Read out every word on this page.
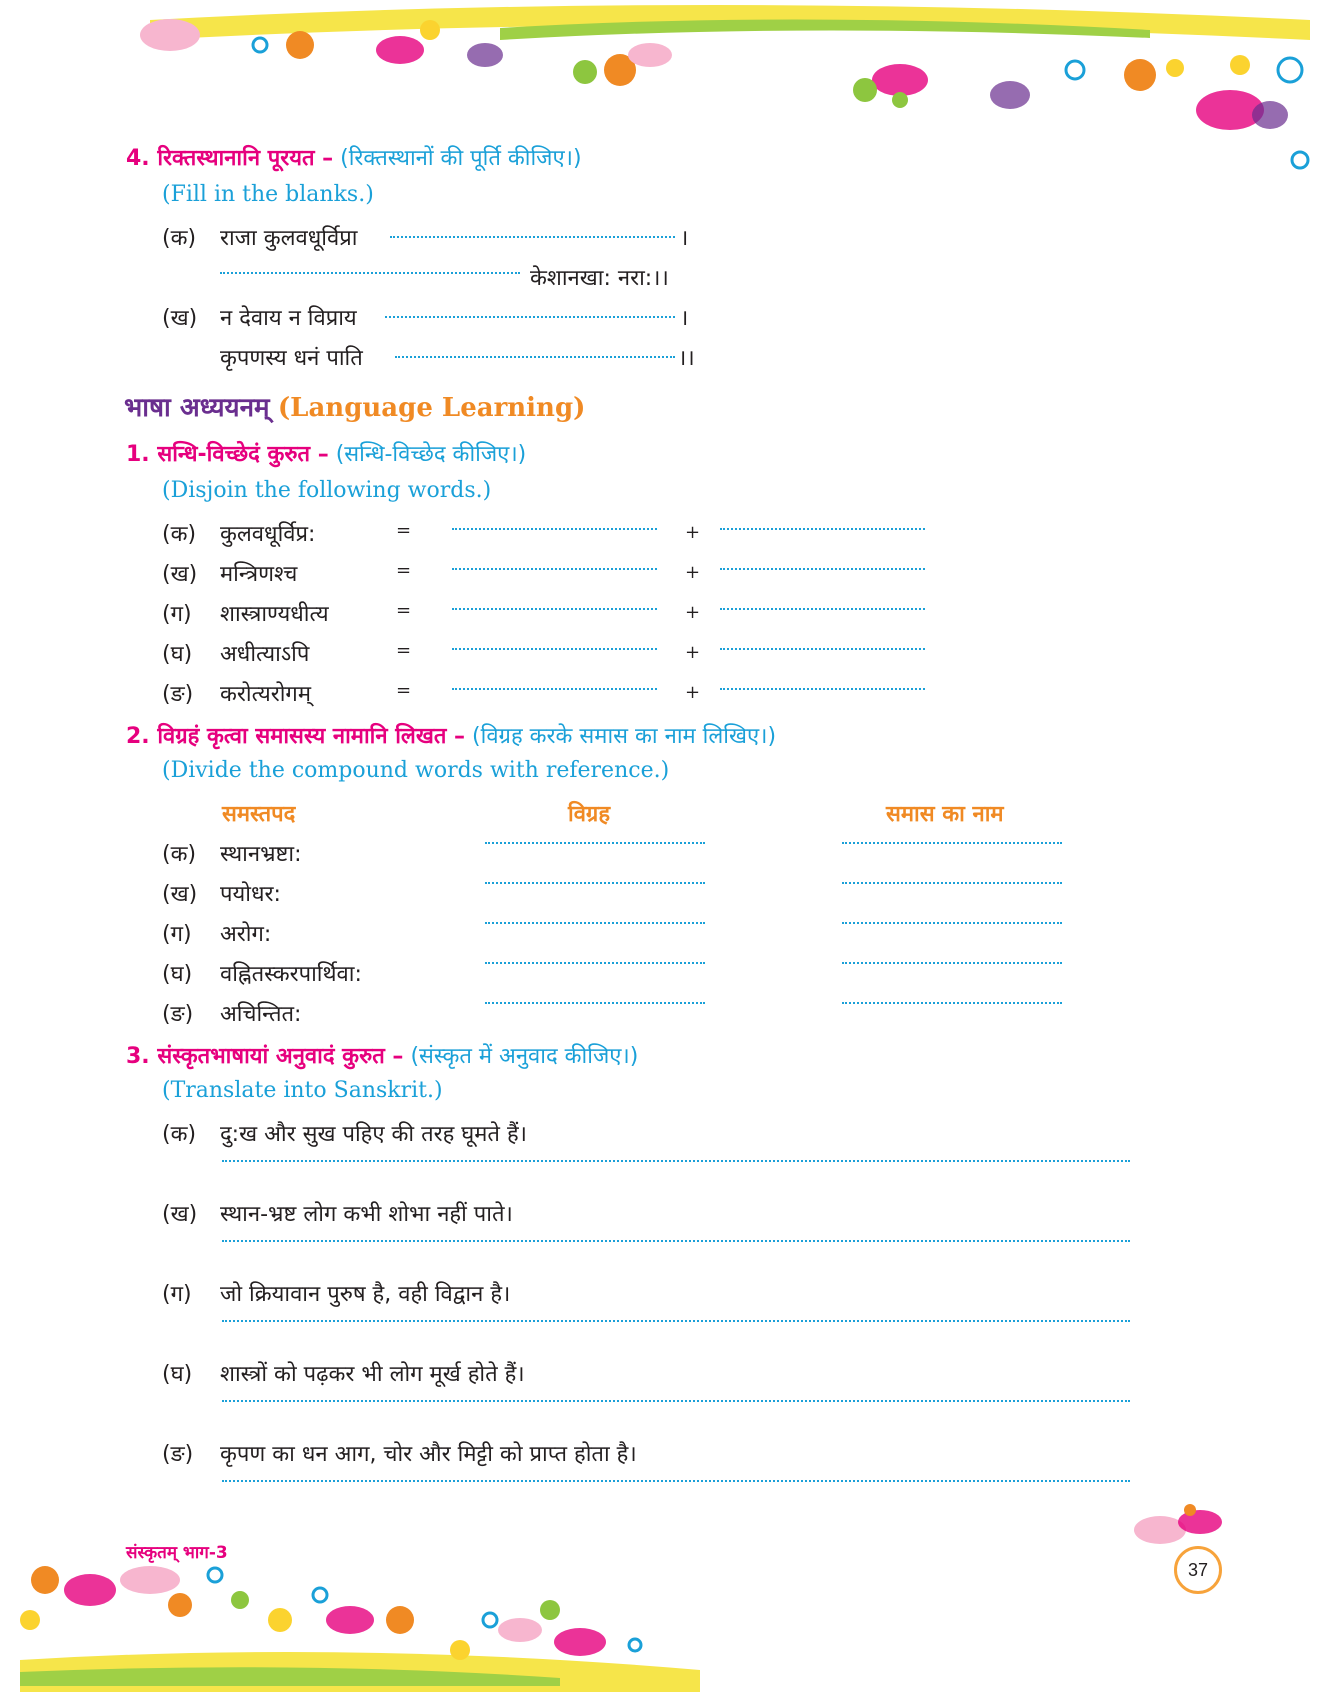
4. रिक्तस्थानानि पूरयत – (रिक्तस्थानों की पूर्ति कीजिए।)
(Fill in the blanks.)
(क) राजा कुलवधूर्विप्रा	।
केशानखा: नरा:।।
(ख) न देवाय न विप्राय	।
कृपणस्य धनं पाति	।।
भाषा अध्ययनम् (Language Learning)
1. सन्धि-विच्छेदं कुरुत – (सन्धि-विच्छेद कीजिए।)
(Disjoin the following words.)
(क) कुलवधूर्विप्र:	=	+
(ख) मन्त्रिणश्च	=	+
(ग) शास्त्राण्यधीत्य	=	+
(घ) अधीत्याऽपि	=	+
(ङ) करोत्यरोगम्	=	+
2. विग्रहं कृत्वा समासस्य नामानि लिखत – (विग्रह करके समास का नाम लिखिए।)
(Divide the compound words with reference.)
समस्तपद	विग्रह	समास का नाम
(क) स्थानभ्रष्टा:
(ख) पयोधर:
(ग) अरोग:
(घ) वह्नितस्करपार्थिवा:
(ङ) अचिन्तित:
3. संस्कृतभाषायां अनुवादं कुरुत – (संस्कृत में अनुवाद कीजिए।)
(Translate into Sanskrit.)
(क) दु:ख और सुख पहिए की तरह घूमते हैं।
(ख) स्थान-भ्रष्ट लोग कभी शोभा नहीं पाते।
(ग) जो क्रियावान पुरुष है, वही विद्वान है।
(घ) शास्त्रों को पढ़कर भी लोग मूर्ख होते हैं।
(ङ) कृपण का धन आग, चोर और मिट्टी को प्राप्त होता है।
संस्कृतम् भाग-3
37
